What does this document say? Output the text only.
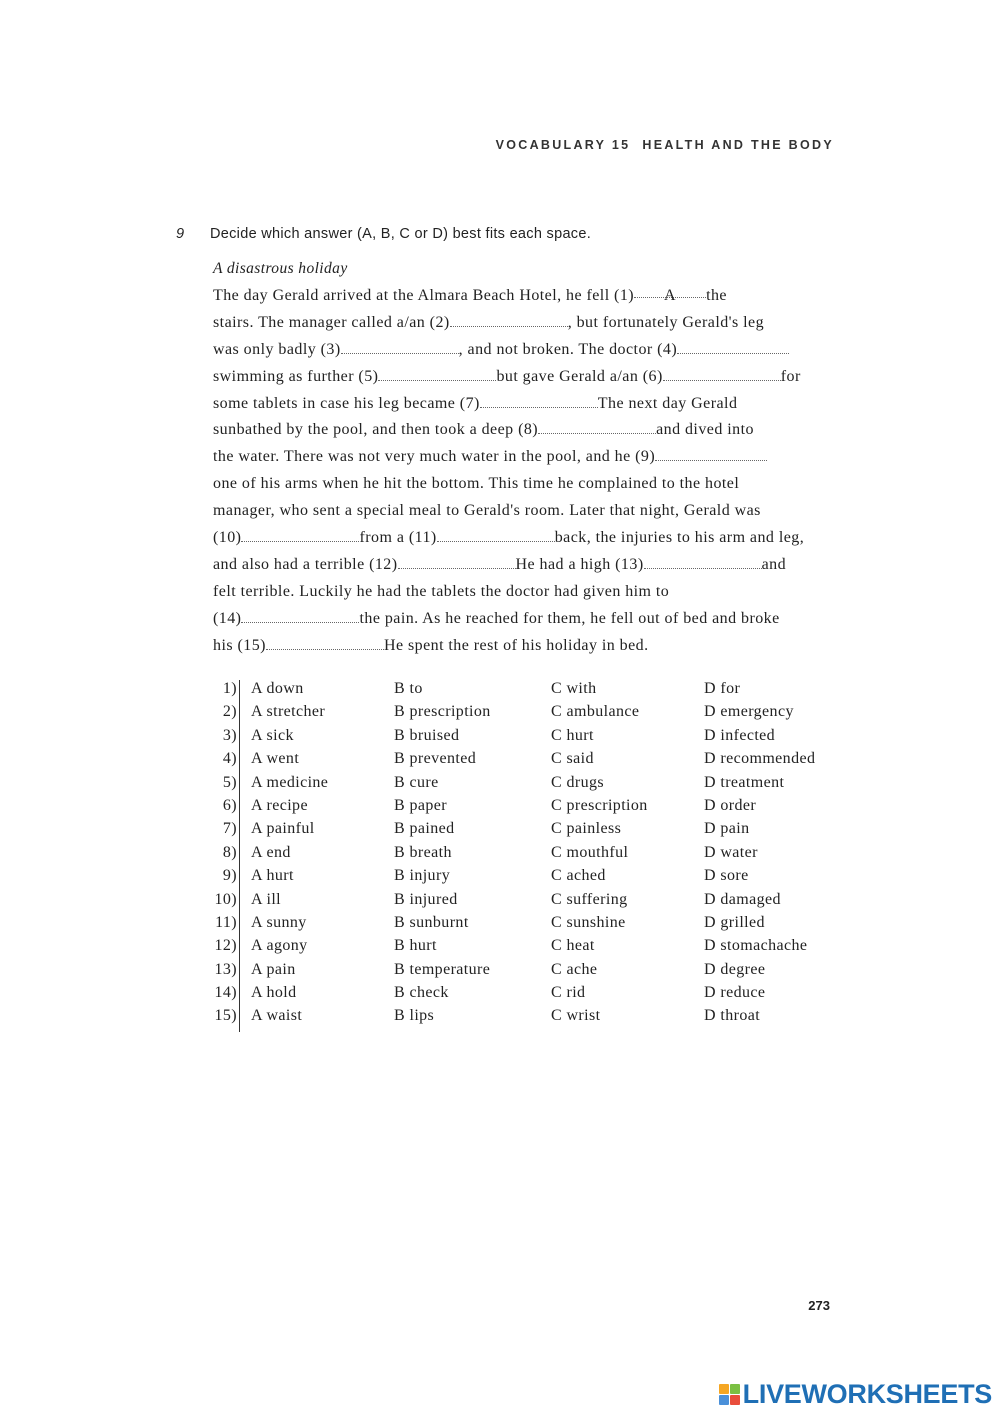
VOCABULARY 15 HEALTH AND THE BODY
9 Decide which answer (A, B, C or D) best fits each space.
A disastrous holiday
The day Gerald arrived at the Almara Beach Hotel, he fell (1) A the
stairs. The manager called a/an (2)	, but fortunately Gerald's leg
was only badly (3)	, and not broken. The doctor (4)
swimming as further (5)	but gave Gerald a/an (6)	for
some tablets in case his leg became (7)	The next day Gerald
sunbathed by the pool, and then took a deep (8)	and dived into
the water. There was not very much water in the pool, and he (9)
one of his arms when he hit the bottom. This time he complained to the hotel
manager, who sent a special meal to Gerald's room. Later that night, Gerald was
(10)	from a (11)	back, the injuries to his arm and leg,
and also had a terrible (12)	He had a high (13)	and
felt terrible. Luckily he had the tablets the doctor had given him to
(14)	the pain. As he reached for them, he fell out of bed and broke
his (15)	He spent the rest of his holiday in bed.
1) A down	B to	C with	D for
2) A stretcher	B prescription	C ambulance	D emergency
3) A sick	B bruised	C hurt	D infected
4) A went	B prevented	C said	D recommended
5) A medicine	B cure	C drugs	D treatment
6) A recipe	B paper	C prescription	D order
7) A painful	B pained	C painless	D pain
8) A end	B breath	C mouthful	D water
9) A hurt	B injury	C ached	D sore
10) A ill	B injured	C suffering	D damaged
11) A sunny	B sunburnt	C sunshine	D grilled
12) A agony	B hurt	C heat	D stomachache
13) A pain	B temperature	C ache	D degree
14) A hold	B check	C rid	D reduce
15) A waist	B lips	C wrist	D throat
273
LIVEWORKSHEETS
